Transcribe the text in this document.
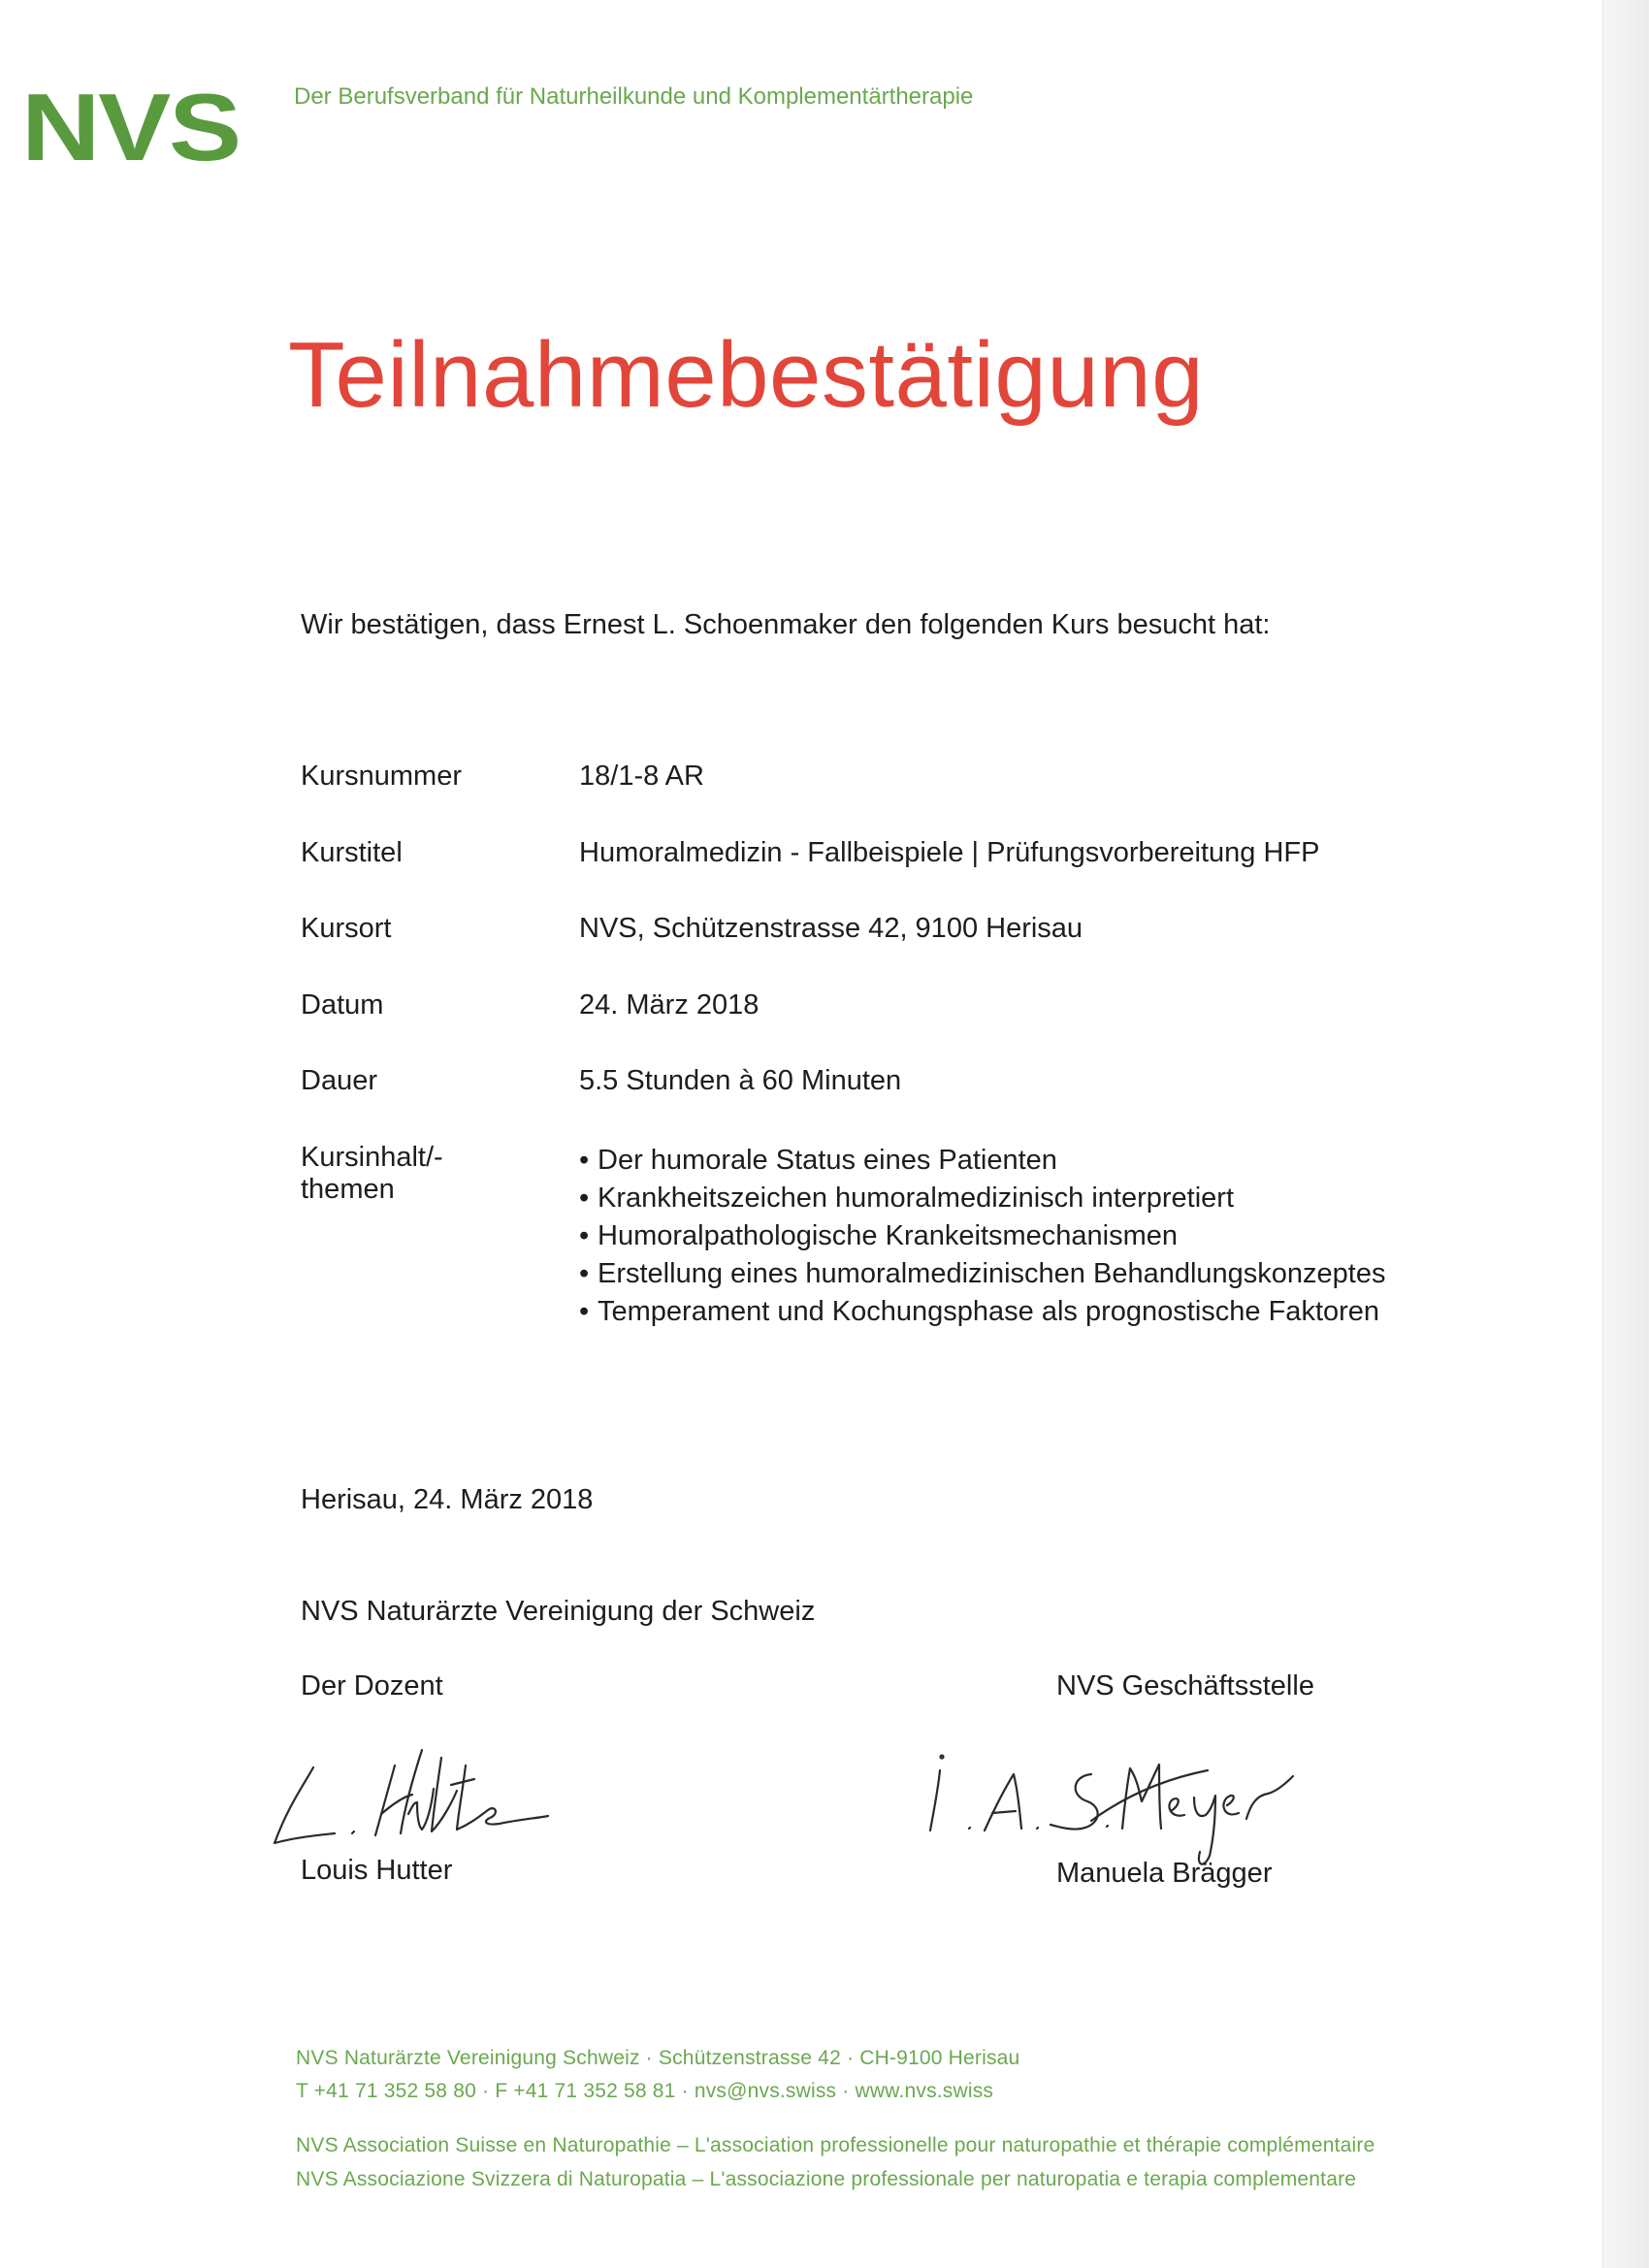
NVS Der Berufsverband für Naturheilkunde und Komplementärtherapie
Teilnahmebestätigung
Wir bestätigen, dass Ernest L. Schoenmaker den folgenden Kurs besucht hat:
Kursnummer	18/1-8 AR
Kurstitel	Humoralmedizin - Fallbeispiele | Prüfungsvorbereitung HFP
Kursort	NVS, Schützenstrasse 42, 9100 Herisau
Datum	24. März 2018
Dauer	5.5 Stunden à 60 Minuten
Kursinhalt/-themen
• Der humorale Status eines Patienten
• Krankheitszeichen humoralmedizinisch interpretiert
• Humoralpathologische Krankeitsmechanismen
• Erstellung eines humoralmedizinischen Behandlungskonzeptes
• Temperament und Kochungsphase als prognostische Faktoren
Herisau, 24. März 2018
NVS Naturärzte Vereinigung der Schweiz
Der Dozent	NVS Geschäftsstelle
Louis Hutter	Manuela Brägger
NVS Naturärzte Vereinigung Schweiz · Schützenstrasse 42 · CH-9100 Herisau
T +41 71 352 58 80 · F +41 71 352 58 81 · nvs@nvs.swiss · www.nvs.swiss
NVS Association Suisse en Naturopathie – L'association professionelle pour naturopathie et thérapie complémentaire
NVS Associazione Svizzera di Naturopatia – L'associazione professionale per naturopatia e terapia complementare
